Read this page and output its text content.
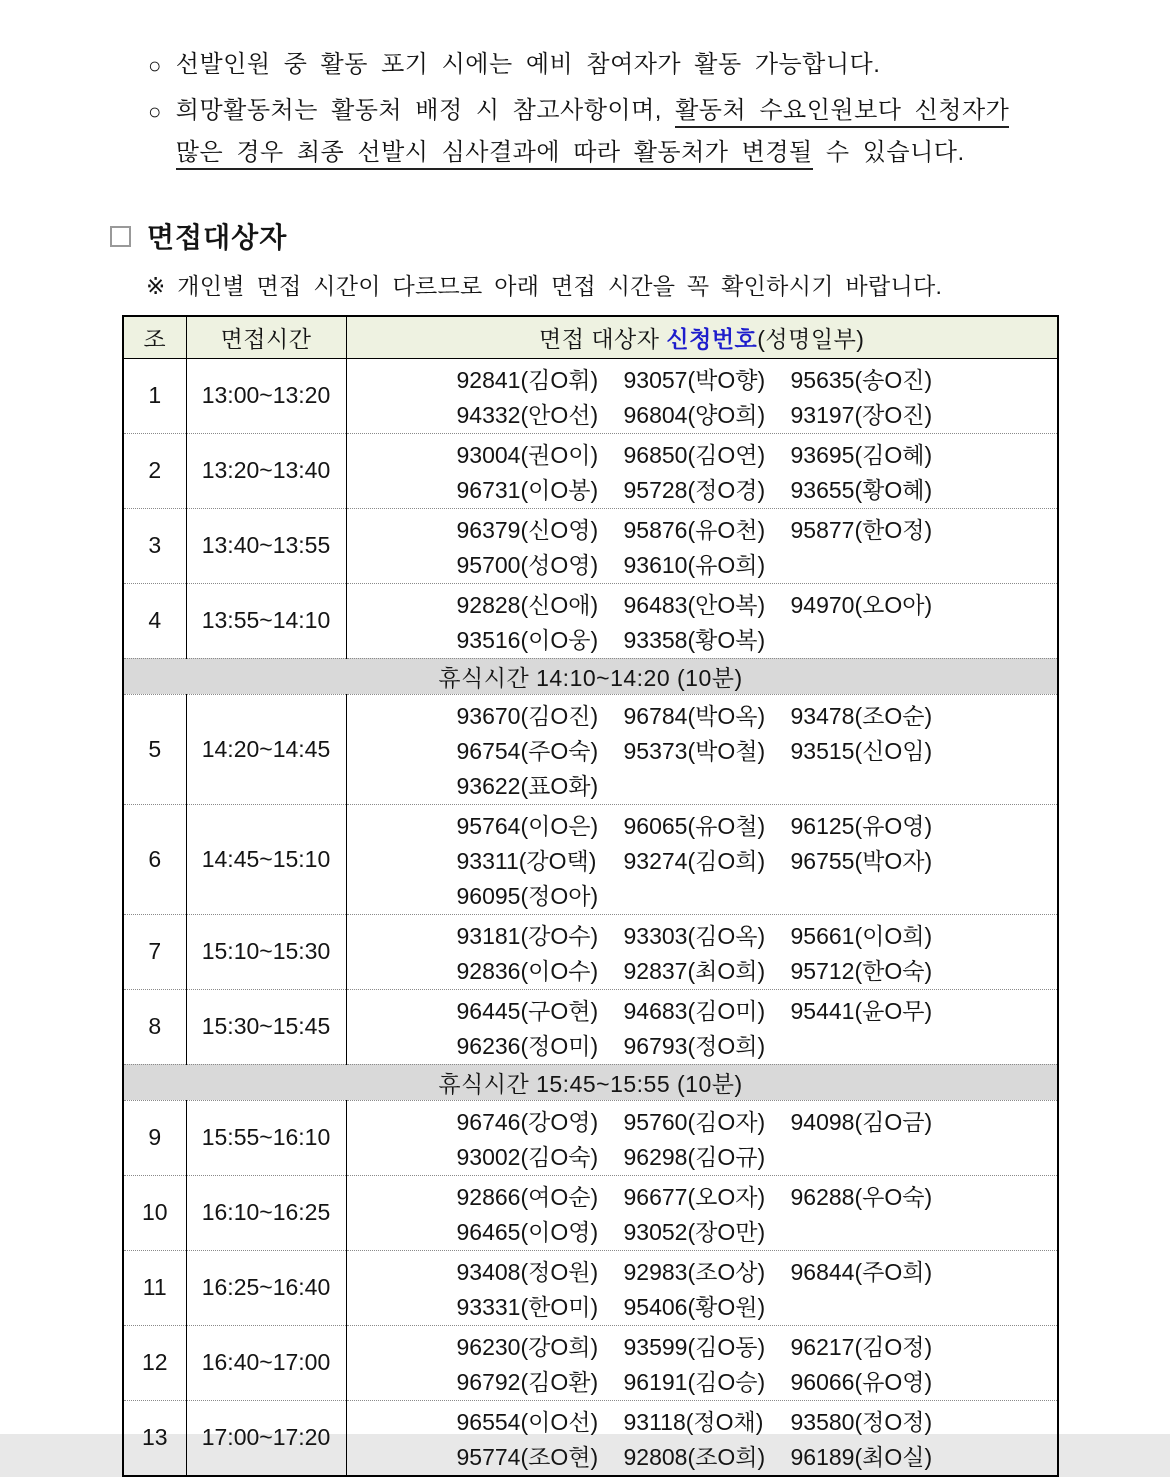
○ 선발인원 중 활동 포기 시에는 예비 참여자가 활동 가능합니다.
○ 희망활동처는 활동처 배정 시 참고사항이며, 활동처 수요인원보다 신청자가
많은 경우 최종 선발시 심사결과에 따라 활동처가 변경될 수 있습니다.
면접대상자
※ 개인별 면접 시간이 다르므로 아래 면접 시간을 꼭 확인하시기 바랍니다.
조	면접시간	면접 대상자 신청번호(성명일부)
1	13:00~13:20	
92841(김O휘)	93057(박O향)	95635(송O진)
94332(안O선)	96804(양O희)	93197(장O진)

2	13:20~13:40	
93004(권O이)	96850(김O연)	93695(김O혜)
96731(이O봉)	95728(정O경)	93655(황O혜)

3	13:40~13:55	96379(신O영) 95876(유O천) 95877(한O정)
95700(성O영) 93610(유O희)

4	13:55~14:10	92828(신O애) 96483(안O복) 94970(오O아)
93516(이O웅) 93358(황O복)

휴식시간 14:10~14:20 (10분)		
5	14:20~14:45	
93670(김O진)	96784(박O옥)	93478(조O순)
96754(주O숙)	95373(박O철)	93515(신O임)
93622(표O화)

6	14:45~15:10	
95764(이O은)	96065(유O철)	96125(유O영)
93311(강O택)	93274(김O희)	96755(박O자)
96095(정O아)

7	15:10~15:30	
93181(강O수)	93303(김O옥)	95661(이O희)
92836(이O수)	92837(최O희)	95712(한O숙)

8	15:30~15:45	96445(구O현) 94683(김O미) 95441(윤O무)
96236(정O미) 96793(정O희)

휴식시간 15:45~15:55 (10분)		
9	15:55~16:10	96746(강O영) 95760(김O자) 94098(김O금)
93002(김O숙) 96298(김O규)

10	16:10~16:25	92866(여O순) 96677(오O자) 96288(우O숙)
96465(이O영) 93052(장O만)

11	16:25~16:40	93408(정O원) 92983(조O상) 96844(주O희)
93331(한O미) 95406(황O원)

12	16:40~17:00	
96230(강O희)	93599(김O동)	96217(김O정)
96792(김O환)	96191(김O승)	96066(유O영)

13	17:00~17:20	
96554(이O선)	93118(정O채)	93580(정O정)
95774(조O현)	92808(조O희)	96189(최O실)
